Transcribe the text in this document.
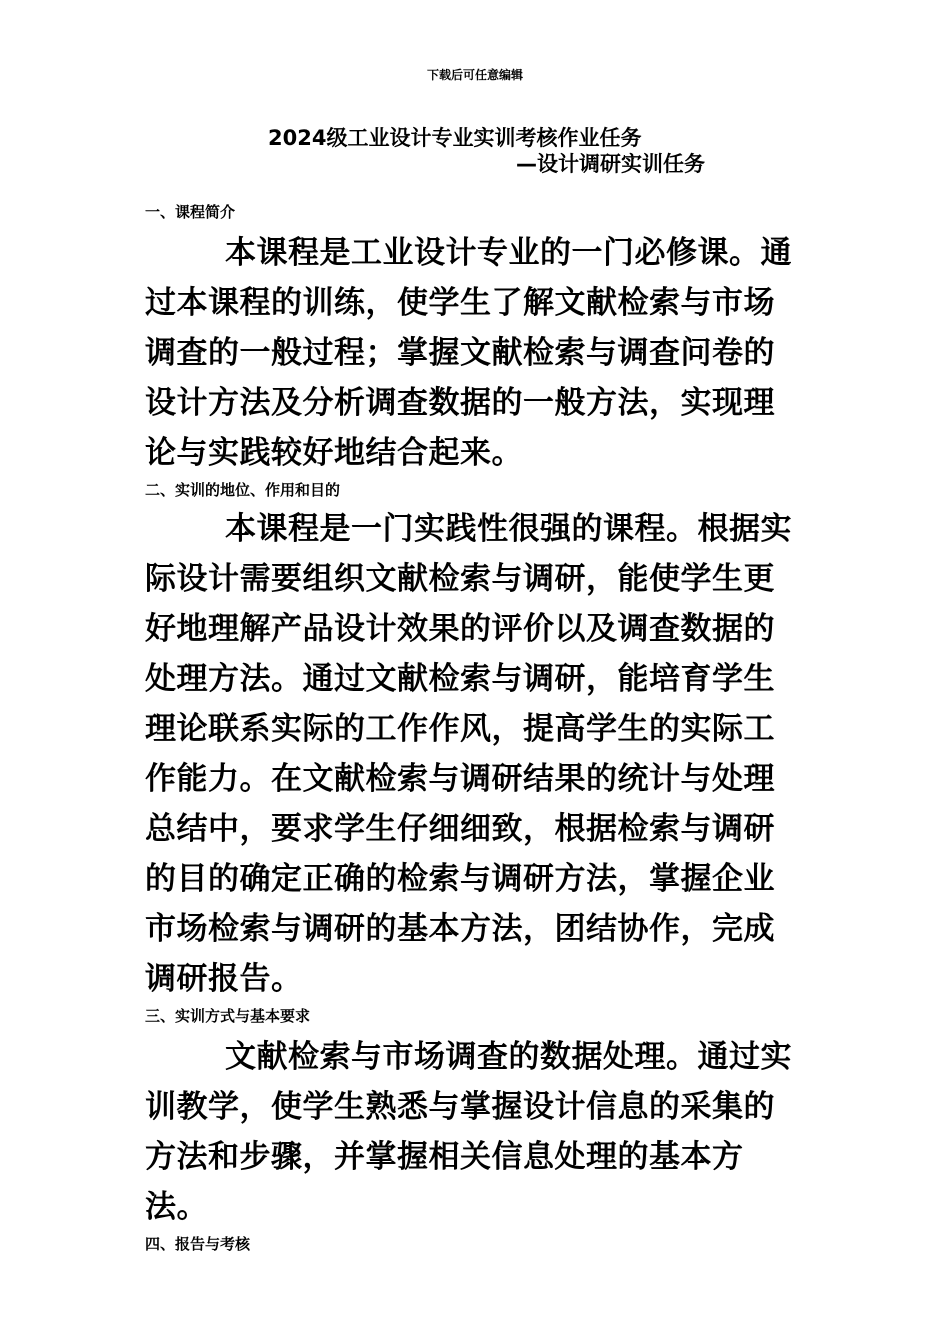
下载后可任意编辑
2024级工业设计专业实训考核作业任务
—设计调研实训任务

一、课程简介

本课程是工业设计专业的一门必修课。通过本课程的训练，使学生了解文献检索与市场调查的一般过程；掌握文献检索与调查问卷的设计方法及分析调查数据的一般方法，实现理论与实践较好地结合起来。

二、实训的地位、作用和目的

本课程是一门实践性很强的课程。根据实际设计需要组织文献检索与调研，能使学生更好地理解产品设计效果的评价以及调查数据的处理方法。通过文献检索与调研，能培育学生理论联系实际的工作作风，提高学生的实际工作能力。在文献检索与调研结果的统计与处理总结中，要求学生仔细细致，根据检索与调研的目的确定正确的检索与调研方法，掌握企业市场检索与调研的基本方法，团结协作，完成调研报告。

三、实训方式与基本要求

文献检索与市场调查的数据处理。通过实训教学，使学生熟悉与掌握设计信息的采集的方法和步骤，并掌握相关信息处理的基本方法。

四、报告与考核
